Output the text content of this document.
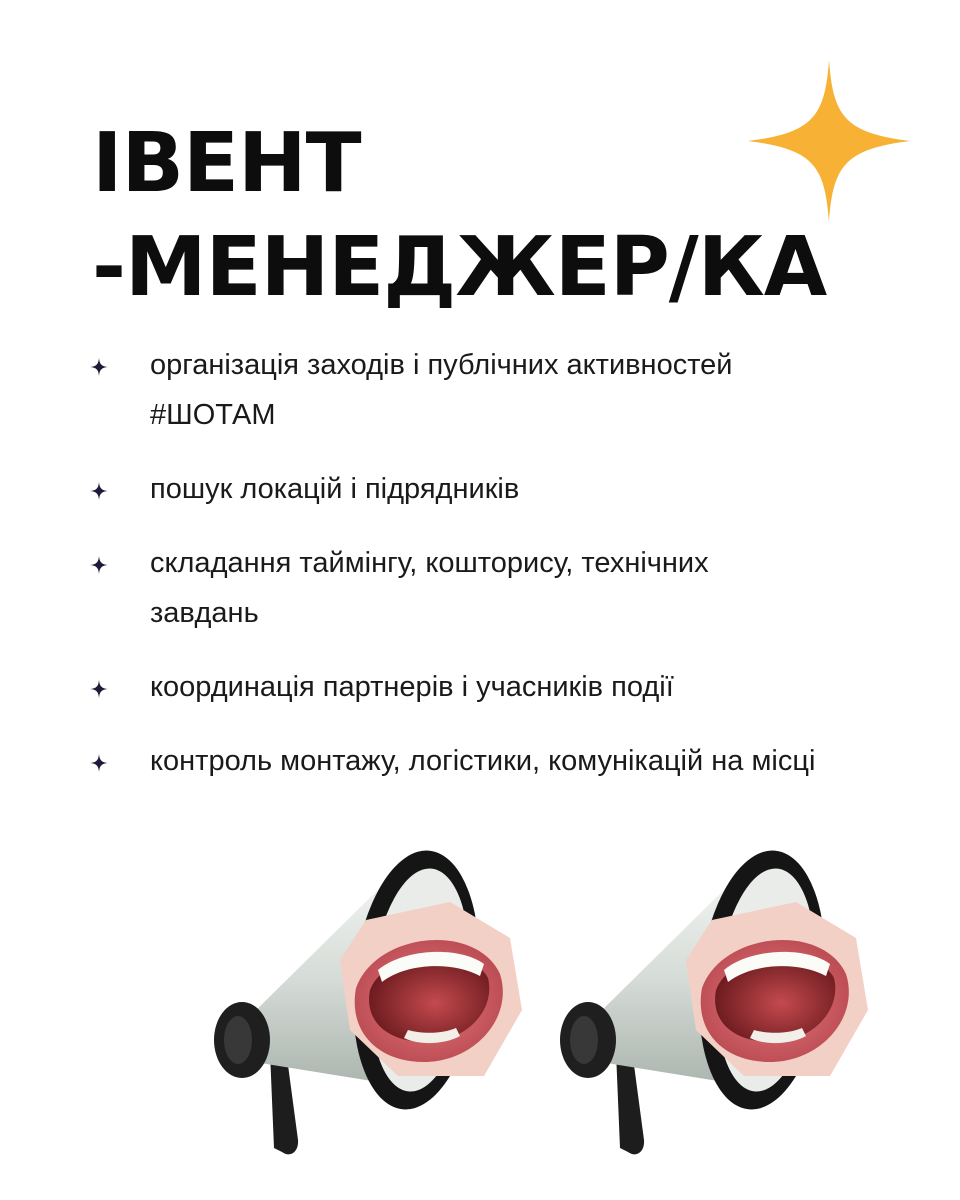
ІВЕНТ
-МЕНЕДЖЕР/КА
організація заходів і публічних активностей
#ШОТАМ
пошук локацій і підрядників
складання таймінгу, кошторису, технічних
завдань
координація партнерів і учасників події
контроль монтажу, логістики, комунікацій на місці
